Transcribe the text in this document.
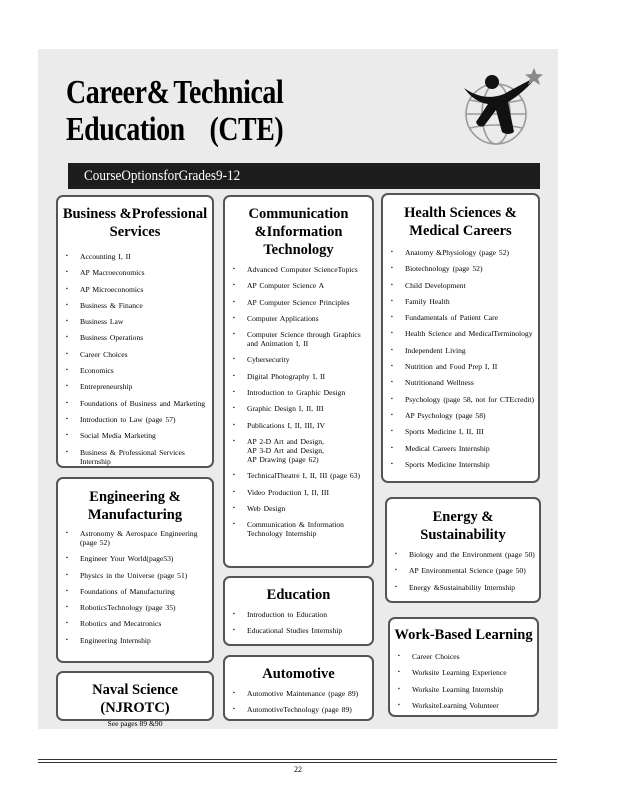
Career& Technical
Education (CTE)
CourseOptionsforGrades9-12
Business &Professional
Services
▪ Accounting I, II
▪ AP Macroeconomics
▪ AP Microeconomics
▪ Business & Finance
▪ Business Law
▪ Business Operations
▪ Career Choices
▪ Economics
▪ Entrepreneurship
▪ Foundations of Business and Marketing
▪ Introduction to Law (page 57)
▪ Social Media Marketing
▪ Business & Professional Services Internship
Engineering &
Manufacturing
▪ Astronomy & Aerospace Engineering (page 52)
▪ Engineer Your World(page53)
▪ Physics in the Universe (page 51)
▪ Foundations of Manufacturing
▪ RoboticsTechnology (page 35)
▪ Robotics and Mecatronics
▪ Engineering Internship
Naval Science (NJROTC)
See pages 89 &90
Communication
&Information
Technology
▪ Advanced Computer ScienceTopics
▪ AP Computer Science A
▪ AP Computer Science Principles
▪ Computer Applications
▪ Computer Science through Graphics and Animation I, II
▪ Cybersecurity
▪ Digital Photography I, II
▪ Introduction to Graphic Design
▪ Graphic Design I, II, III
▪ Publications I, II, III, IV
▪ AP 2-D Art and Design,
AP 3-D Art and Design,
AP Drawing (page 62)
▪ TechnicalTheatre I, II, III (page 63)
▪ Video Production I, II, III
▪ Web Design
▪ Communication & Information Technology Internship
Education
▪ Introduction to Education
▪ Educational Studies Internship
Automotive
▪ Automotive Maintenance (page 89)
▪ AutomotiveTechnology (page 89)
Health Sciences &
Medical Careers
▪ Anatomy &Physiology (page 52)
▪ Biotechnology (page 52)
▪ Child Development
▪ Family Health
▪ Fundamentals of Patient Care
▪ Health Science and MedicalTerminology
▪ Independent Living
▪ Nutrition and Food Prep I, II
▪ Nutritionand Wellness
▪ Psychology (page 58, not for CTEcredit)
▪ AP Psychology (page 58)
▪ Sports Medicine I, II, III
▪ Medical Careers Internship
▪ Sports Medicine Internship
Energy &
Sustainability
▪ Biology and the Environment (page 50)
▪ AP Environmental Science (page 50)
▪ Energy &Sustainability Internship
Work-Based Learning
▪ Career Choices
▪ Worksite Learning Experience
▪ Worksite Learning Internship
▪ WorksiteLearning Volunteer
22
